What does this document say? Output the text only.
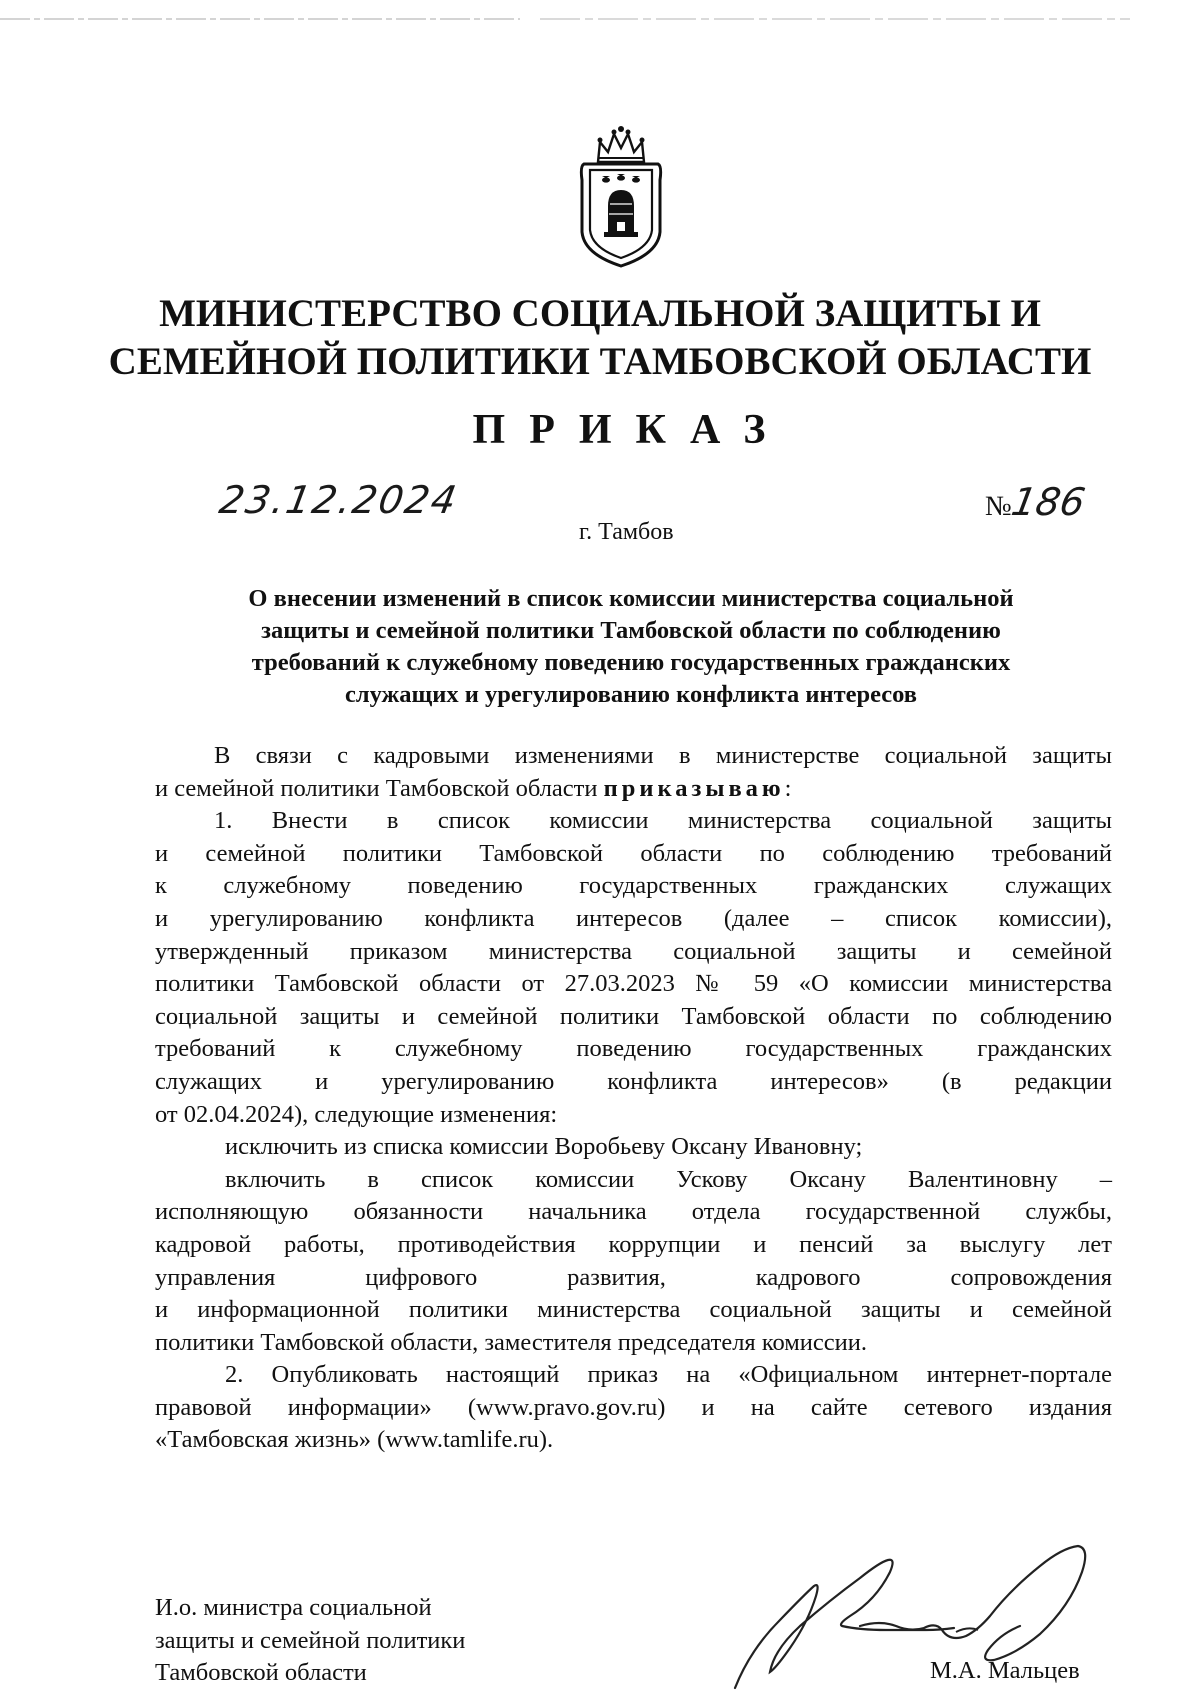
МИНИСТЕРСТВО СОЦИАЛЬНОЙ ЗАЩИТЫ И
СЕМЕЙНОЙ ПОЛИТИКИ ТАМБОВСКОЙ ОБЛАСТИ
ПРИКАЗ
23.12.2024	№186
г. Тамбов
О внесении изменений в список комиссии министерства социальной
защиты и семейной политики Тамбовской области по соблюдению
требований к служебному поведению государственных гражданских
служащих и урегулированию конфликта интересов
В связи с кадровыми изменениями в министерстве социальной защиты
и семейной политики Тамбовской области приказываю:
1. Внести в список комиссии министерства социальной защиты
и семейной политики Тамбовской области по соблюдению требований
к служебному поведению государственных гражданских служащих
и урегулированию конфликта интересов (далее – список комиссии),
утвержденный приказом министерства социальной защиты и семейной
политики Тамбовской области от 27.03.2023 № 59 «О комиссии министерства
социальной защиты и семейной политики Тамбовской области по соблюдению
требований к служебному поведению государственных гражданских
служащих и урегулированию конфликта интересов» (в редакции
от 02.04.2024), следующие изменения:
исключить из списка комиссии Воробьеву Оксану Ивановну;
включить в список комиссии Ускову Оксану Валентиновну –
исполняющую обязанности начальника отдела государственной службы,
кадровой работы, противодействия коррупции и пенсий за выслугу лет
управления цифрового развития, кадрового сопровождения
и информационной политики министерства социальной защиты и семейной
политики Тамбовской области, заместителя председателя комиссии.
2. Опубликовать настоящий приказ на «Официальном интернет-портале
правовой информации» (www.pravo.gov.ru) и на сайте сетевого издания
«Тамбовская жизнь» (www.tamlife.ru).
И.о. министра социальной
защиты и семейной политики
Тамбовской области	М.А. Мальцев
